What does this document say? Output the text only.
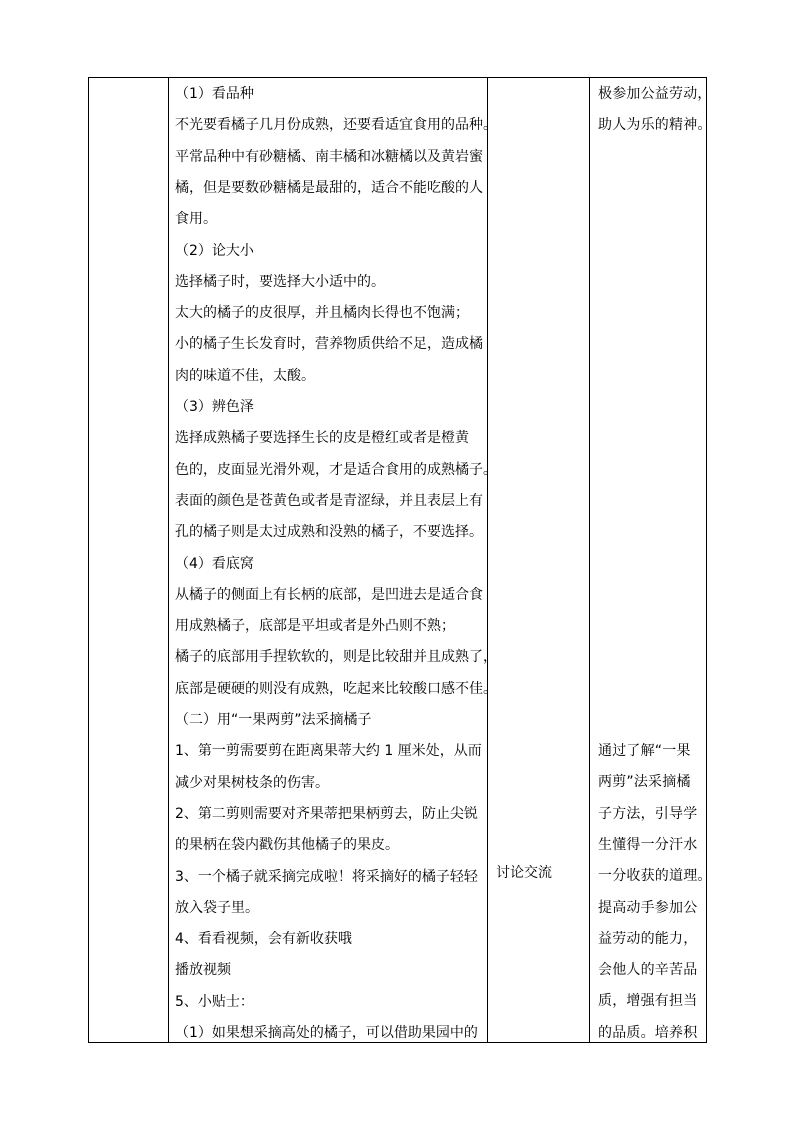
（1）看品种
不光要看橘子几月份成熟，还要看适宜食用的品种。
平常品种中有砂糖橘、南丰橘和冰糖橘以及黄岩蜜
橘，但是要数砂糖橘是最甜的，适合不能吃酸的人
食用。
（2）论大小
选择橘子时，要选择大小适中的。
太大的橘子的皮很厚，并且橘肉长得也不饱满；
小的橘子生长发育时，营养物质供给不足，造成橘
肉的味道不佳，太酸。
（3）辨色泽
选择成熟橘子要选择生长的皮是橙红或者是橙黄
色的，皮面显光滑外观，才是适合食用的成熟橘子。
表面的颜色是苍黄色或者是青涩绿，并且表层上有
孔的橘子则是太过成熟和没熟的橘子，不要选择。
（4）看底窝
从橘子的侧面上有长柄的底部，是凹进去是适合食
用成熟橘子，底部是平坦或者是外凸则不熟；
橘子的底部用手捏软软的，则是比较甜并且成熟了，
底部是硬硬的则没有成熟，吃起来比较酸口感不佳。
（二）用“一果两剪”法采摘橘子
1、第一剪需要剪在距离果蒂大约 1 厘米处，从而
减少对果树枝条的伤害。
2、第二剪则需要对齐果蒂把果柄剪去，防止尖锐
的果柄在袋内戳伤其他橘子的果皮。
3、一个橘子就采摘完成啦！将采摘好的橘子轻轻
放入袋子里。
4、看看视频，会有新收获哦
播放视频
5、小贴士：
（1）如果想采摘高处的橘子，可以借助果园中的
讨论交流
极参加公益劳动，
助人为乐的精神。
通过了解“一果
两剪”法采摘橘
子方法，引导学
生懂得一分汗水
一分收获的道理。
提高动手参加公
益劳动的能力，
会他人的辛苦品
质，增强有担当
的品质。培养积
